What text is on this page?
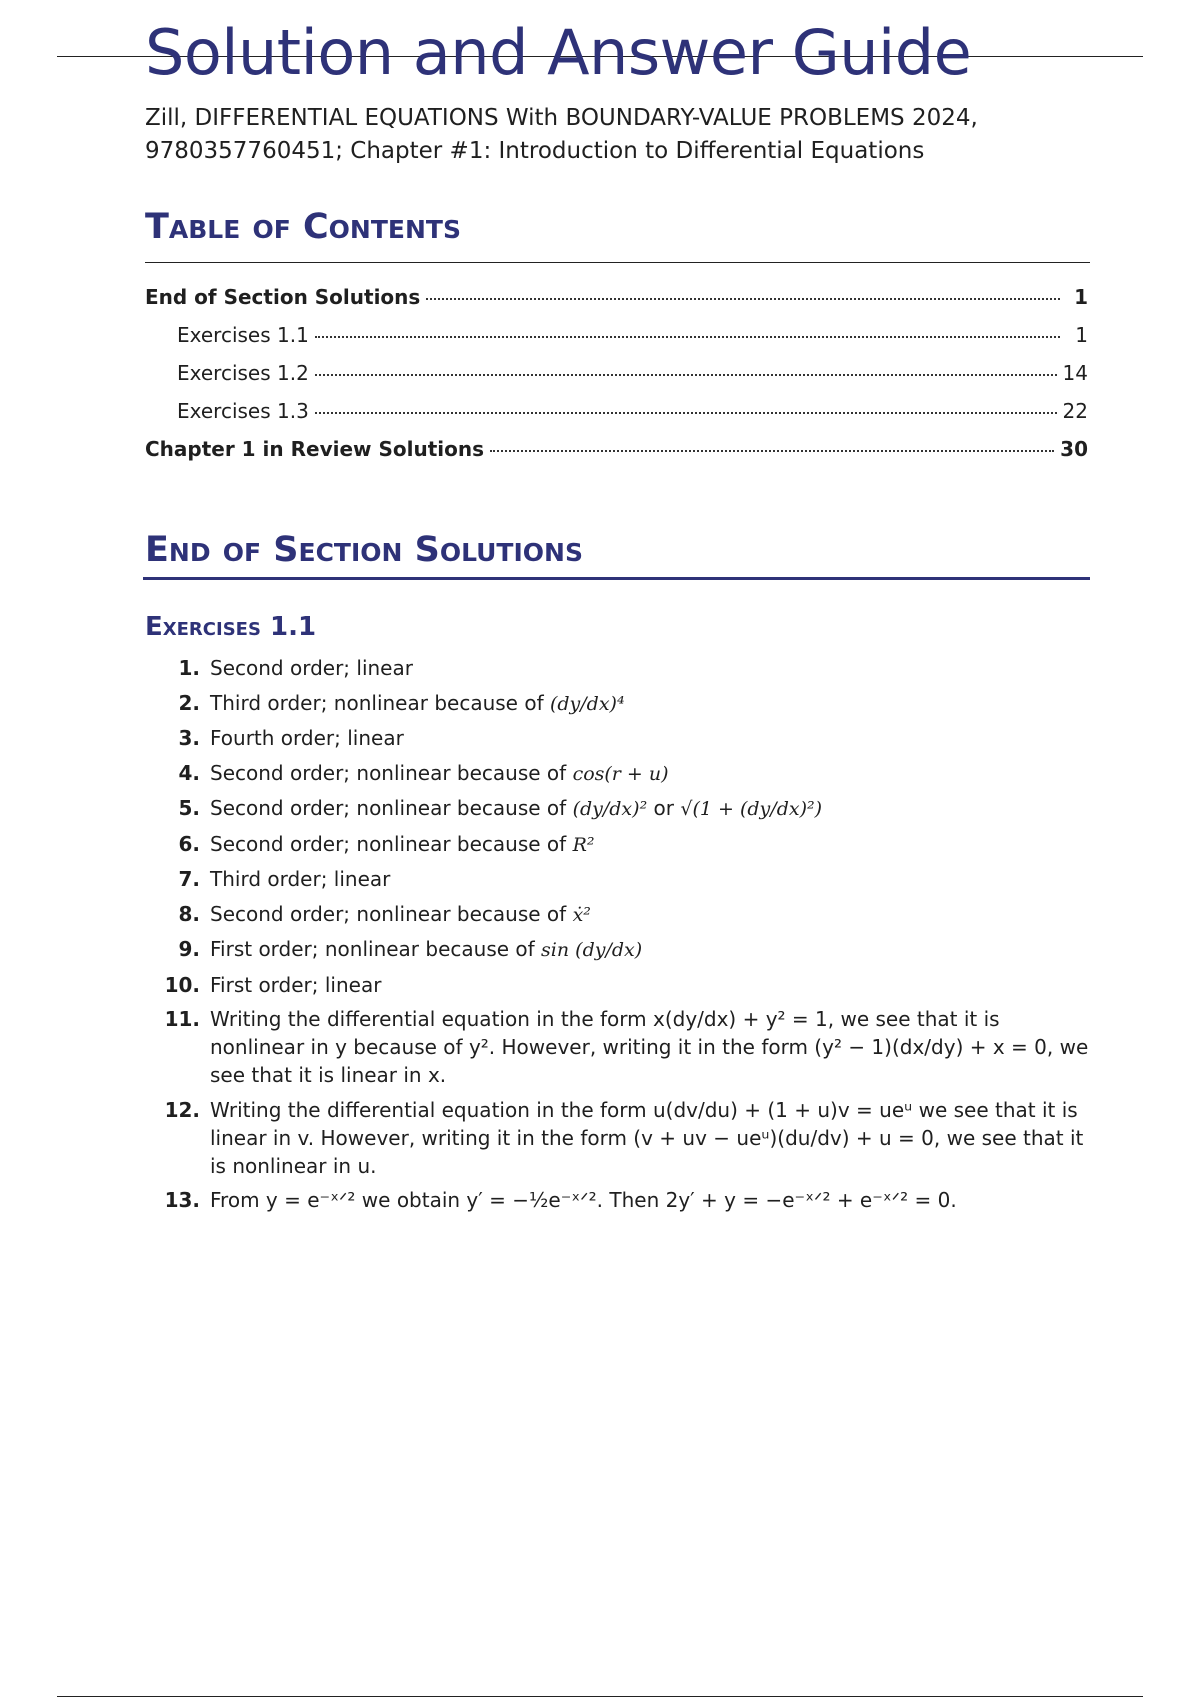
Solution and Answer Guide
Zill, DIFFERENTIAL EQUATIONS With BOUNDARY-VALUE PROBLEMS 2024,
9780357760451; Chapter #1: Introduction to Differential Equations
Table of Contents
End of Section Solutions	1
Exercises 1.1	1
Exercises 1.2	14
Exercises 1.3	22
Chapter 1 in Review Solutions	30
End of Section Solutions
Exercises 1.1
1. Second order; linear
2. Third order; nonlinear because of (dy/dx)⁴
3. Fourth order; linear
4. Second order; nonlinear because of cos(r + u)
5. Second order; nonlinear because of (dy/dx)² or √(1 + (dy/dx)²)
6. Second order; nonlinear because of R²
7. Third order; linear
8. Second order; nonlinear because of ẋ²
9. First order; nonlinear because of sin (dy/dx)
10. First order; linear
11. Writing the differential equation in the form x(dy/dx) + y² = 1, we see that it is nonlinear in y because of y². However, writing it in the form (y² − 1)(dx/dy) + x = 0, we see that it is linear in x.
12. Writing the differential equation in the form u(dv/du) + (1 + u)v = ueᵘ we see that it is linear in v. However, writing it in the form (v + uv − ueᵘ)(du/dv) + u = 0, we see that it is nonlinear in u.
13. From y = e⁻ˣᐟ² we obtain y′ = −½e⁻ˣᐟ². Then 2y′ + y = −e⁻ˣᐟ² + e⁻ˣᐟ² = 0.
